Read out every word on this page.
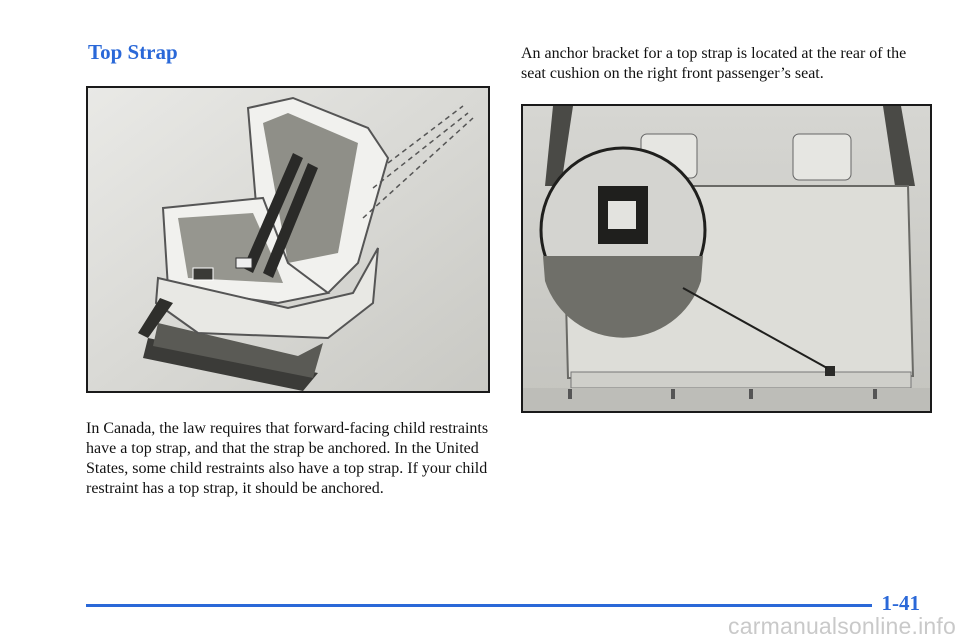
Top Strap

In Canada, the law requires that forward-facing child restraints have a top strap, and that the strap be anchored. In the United States, some child restraints also have a top strap. If your child restraint has a top strap, it should be anchored.

An anchor bracket for a top strap is located at the rear of the seat cushion on the right front passenger’s seat.

1-41
carmanualsonline.info
